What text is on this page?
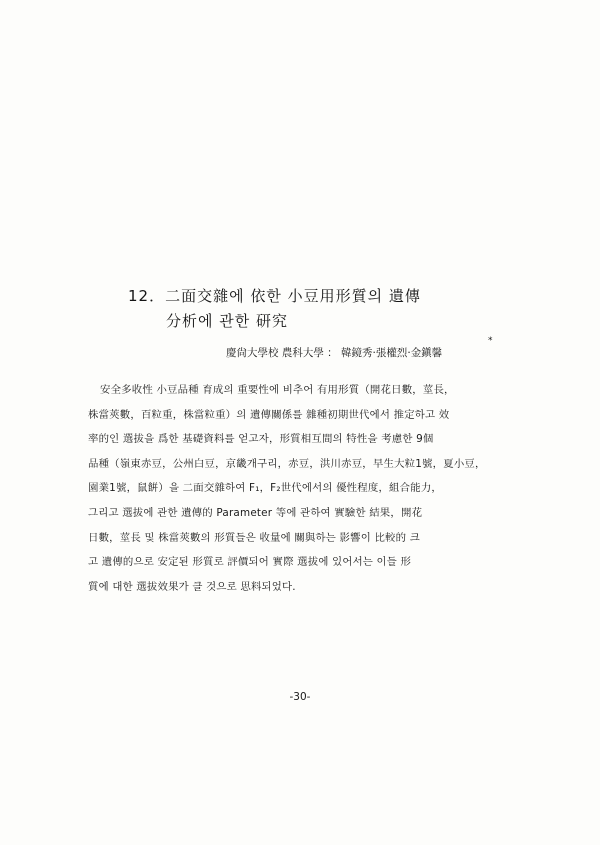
12．二面交雜에 依한 小豆用形質의 遺傳
分析에 관한 研究
慶尙大學校 農科大學 ： 韓鏡秀·張權烈·金鎭馨
*
安全多收性 小豆品種 育成의 重要性에 비추어 有用形質（開花日數，莖長，
株當莢數，百粒重，株當粒重）의 遺傳關係를 雜種初期世代에서 推定하고 效
率的인 選拔을 爲한 基礎資料를 얻고자，形質相互間의 特性을 考慮한 9個
品種（嶺東赤豆，公州白豆，京畿개구리，赤豆，洪川赤豆，早生大粒1號，夏小豆，
園業1號，鼠餠）을 二面交雜하여 F₁，F₂世代에서의 優性程度，組合能力，
그리고 選拔에 관한 遺傳的 Parameter 等에 관하여 實驗한 結果，開花
日數，莖長 및 株當莢數의 形質들은 收量에 關與하는 影響이 比較的 크
고 遺傳的으로 安定된 形質로 評價되어 實際 選拔에 있어서는 이들 形
質에 대한 選拔效果가 클 것으로 思料되었다.
-30-
